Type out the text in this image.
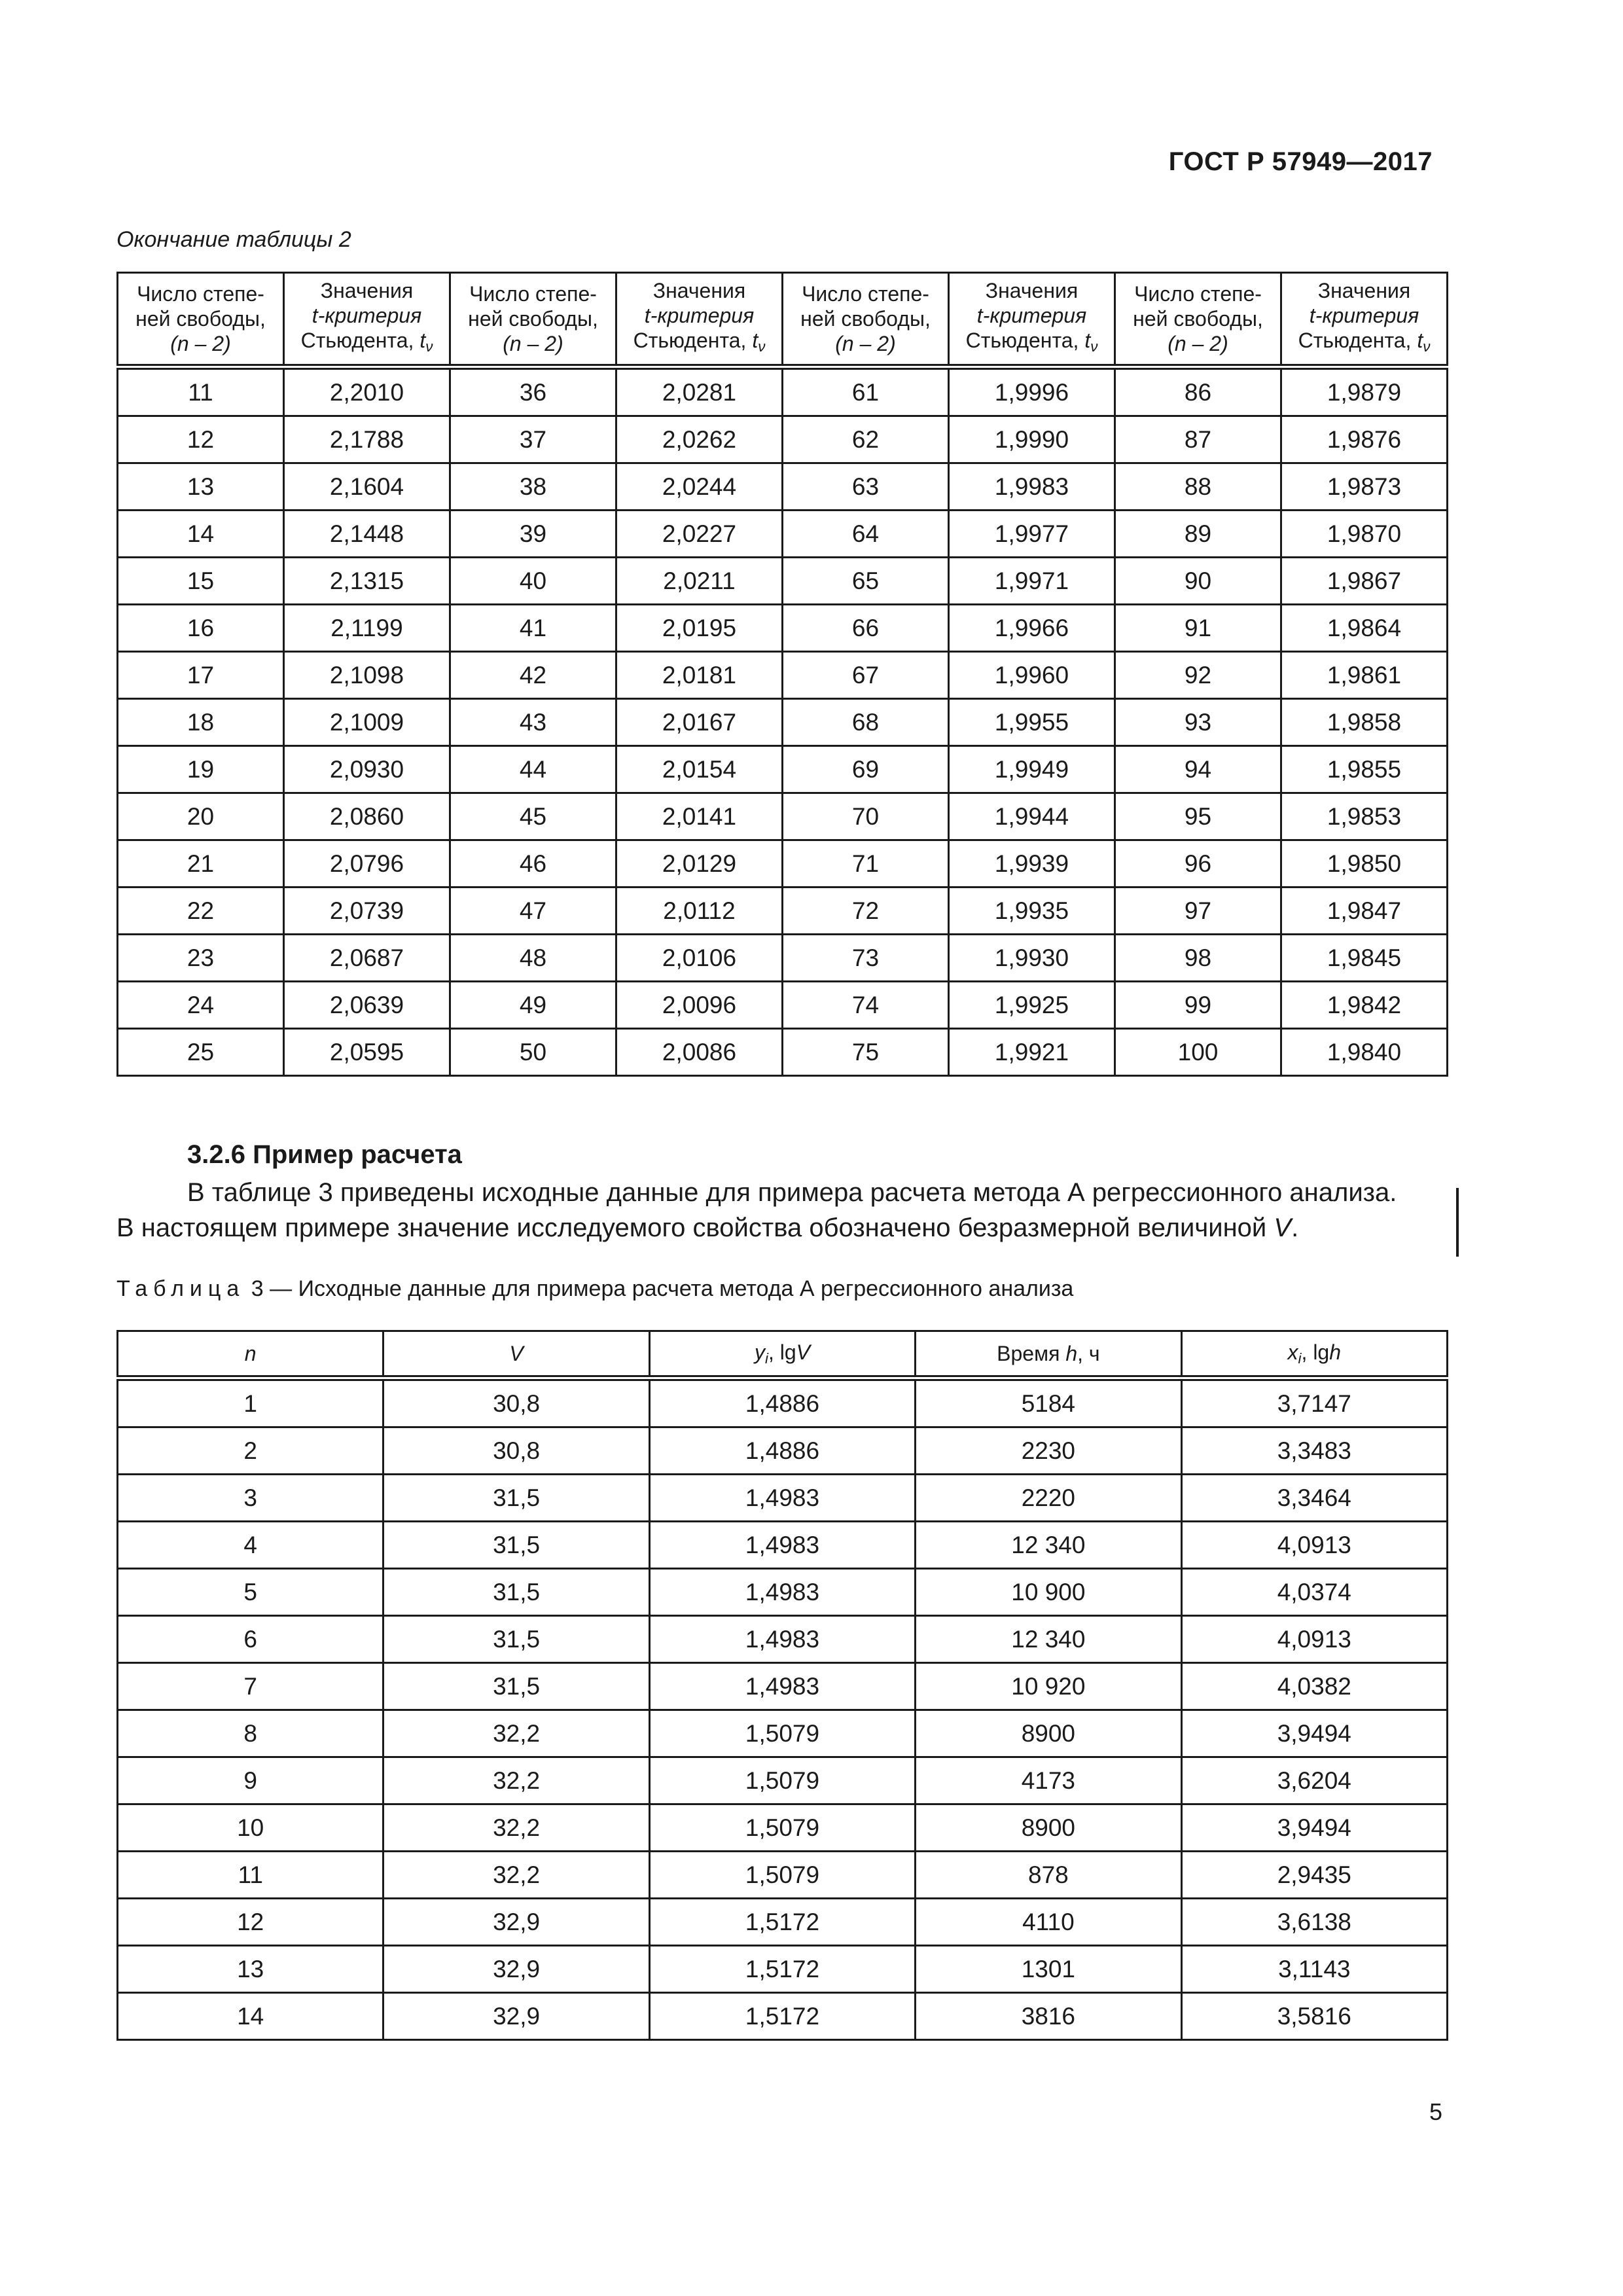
ГОСТ Р 57949—2017
Окончание таблицы 2
Число степе-
ней свободы,
(n – 2)	Значения
t-критерия
Стьюдента, $t_\nu$	Число степе-
ней свободы,
(n – 2)	Значения
t-критерия
Стьюдента, $t_\nu$	Число степе-
ней свободы,
(n – 2)	Значения
t-критерия
Стьюдента, $t_\nu$	Число степе-
ней свободы,
(n – 2)	Значения
t-критерия
Стьюдента, $t_\nu$
11	2,2010	36	2,0281	61	1,9996	86	1,9879
12	2,1788	37	2,0262	62	1,9990	87	1,9876
13	2,1604	38	2,0244	63	1,9983	88	1,9873
14	2,1448	39	2,0227	64	1,9977	89	1,9870
15	2,1315	40	2,0211	65	1,9971	90	1,9867
16	2,1199	41	2,0195	66	1,9966	91	1,9864
17	2,1098	42	2,0181	67	1,9960	92	1,9861
18	2,1009	43	2,0167	68	1,9955	93	1,9858
19	2,0930	44	2,0154	69	1,9949	94	1,9855
20	2,0860	45	2,0141	70	1,9944	95	1,9853
21	2,0796	46	2,0129	71	1,9939	96	1,9850
22	2,0739	47	2,0112	72	1,9935	97	1,9847
23	2,0687	48	2,0106	73	1,9930	98	1,9845
24	2,0639	49	2,0096	74	1,9925	99	1,9842
25	2,0595	50	2,0086	75	1,9921	100	1,9840
3.2.6 Пример расчета
В таблице 3 приведены исходные данные для примера расчета метода А регрессионного анализа.
В настоящем примере значение исследуемого свойства обозначено безразмерной величиной V.
Таблица 3 — Исходные данные для примера расчета метода А регрессионного анализа
n	V	$y_i$, lgV	Время h, ч	$x_i$, lgh
1	30,8	1,4886	5184	3,7147
2	30,8	1,4886	2230	3,3483
3	31,5	1,4983	2220	3,3464
4	31,5	1,4983	12 340	4,0913
5	31,5	1,4983	10 900	4,0374
6	31,5	1,4983	12 340	4,0913
7	31,5	1,4983	10 920	4,0382
8	32,2	1,5079	8900	3,9494
9	32,2	1,5079	4173	3,6204
10	32,2	1,5079	8900	3,9494
11	32,2	1,5079	878	2,9435
12	32,9	1,5172	4110	3,6138
13	32,9	1,5172	1301	3,1143
14	32,9	1,5172	3816	3,5816
5
